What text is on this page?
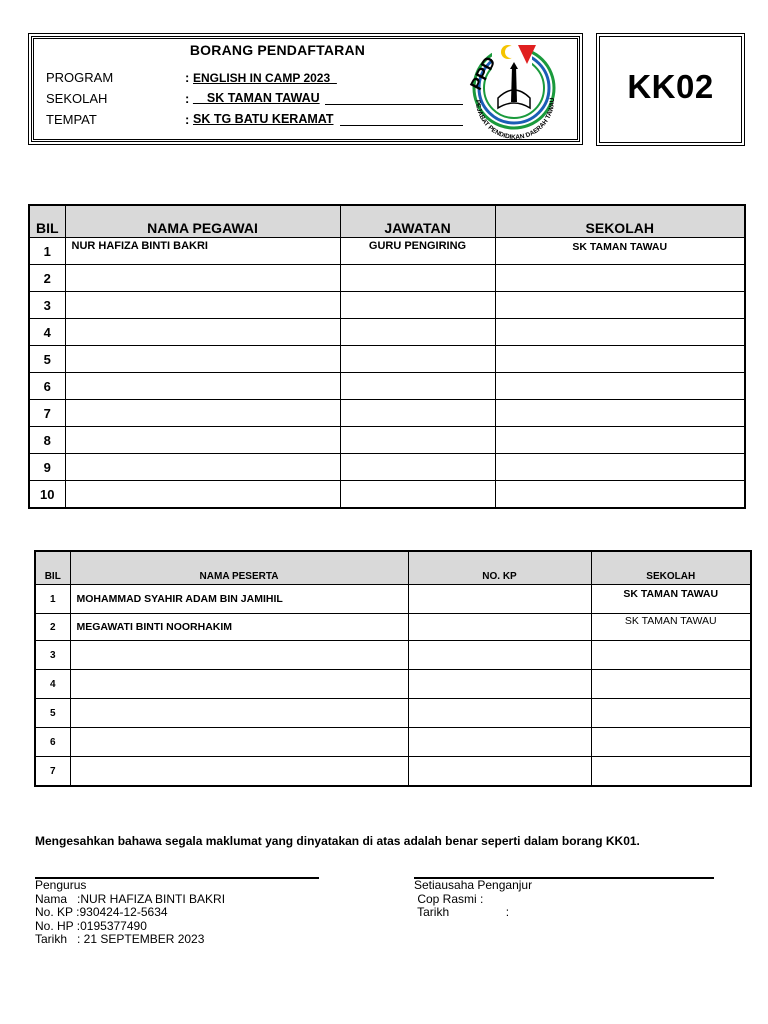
BORANG PENDAFTARAN
PROGRAM	: ENGLISH IN CAMP 2023_
SEKOLAH	: __SK TAMAN TAWAU
TEMPAT	: SK TG BATU KERAMAT
PPD
PEJABAT PENDIDIKAN DAERAH TAWAU	KK02
BIL	NAMA PEGAWAI	JAWATAN	SEKOLAH
1	NUR HAFIZA BINTI BAKRI	GURU PENGIRING	SK TAMAN TAWAU
2			
3			
4			
5			
6			
7			
8			
9			
10			
BIL	NAMA PESERTA	NO. KP	SEKOLAH
1	MOHAMMAD SYAHIR ADAM BIN JAMIHIL		SK TAMAN TAWAU
2	MEGAWATI BINTI NOORHAKIM		SK TAMAN TAWAU
3			
4			
5			
6			
7			
Mengesahkan bahawa segala maklumat yang dinyatakan di atas adalah benar seperti dalam borang KK01.
Pengurus
Nama   :NUR HAFIZA BINTI BAKRI
No. KP :930424-12-5634
No. HP :0195377490
Tarikh   : 21 SEPTEMBER 2023
Setiausaha Penganjur
Cop Rasmi :
Tarikh                 :
